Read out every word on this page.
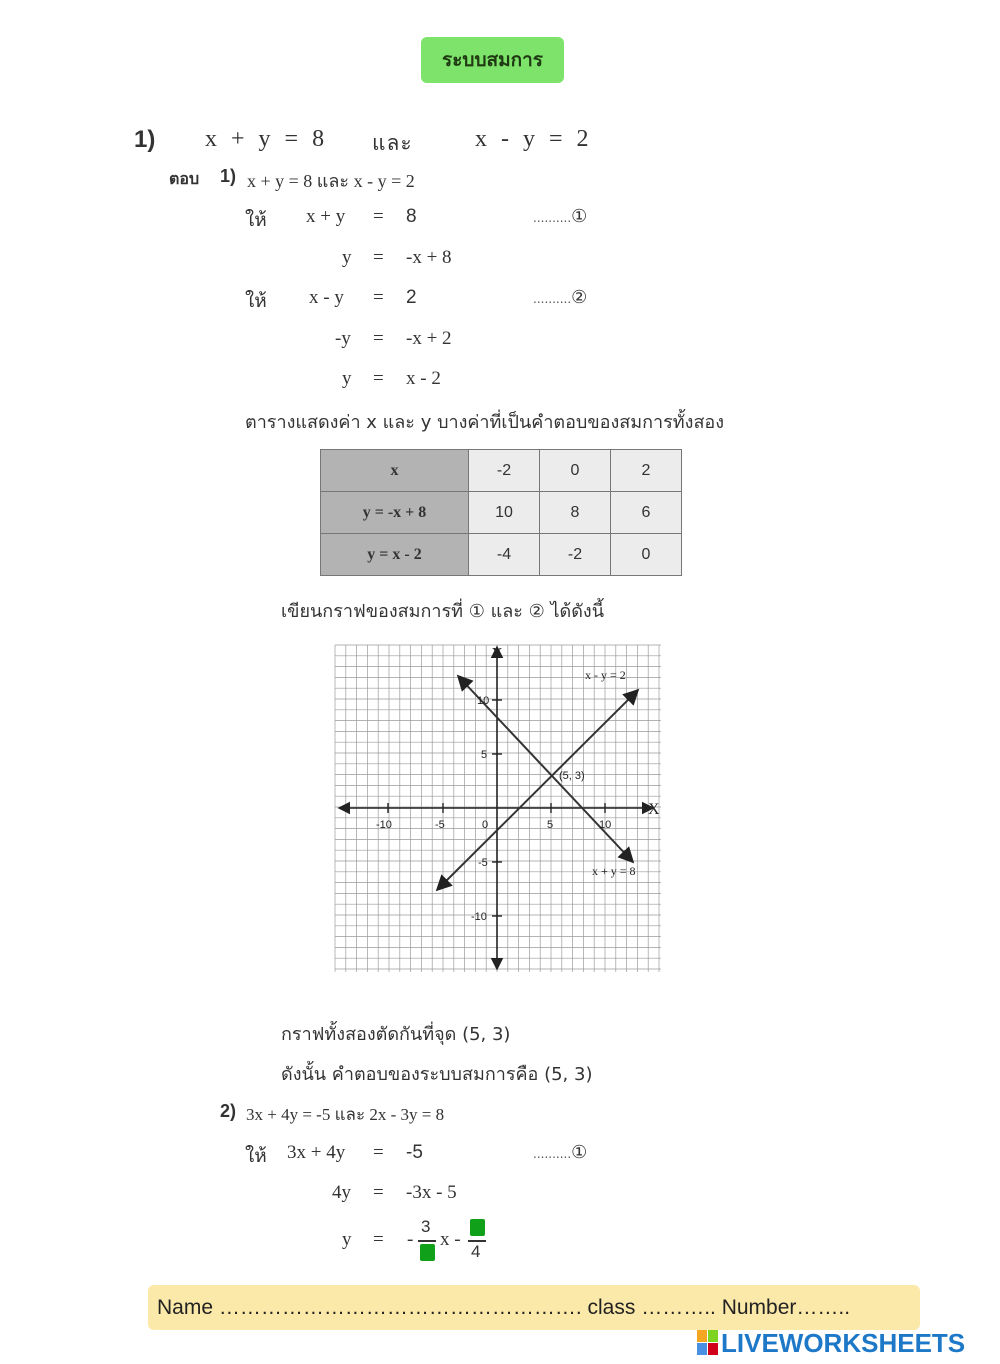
ระบบสมการ
1) x + y = 8 และ	x - y = 2
ตอบ 1) x + y = 8 และ x - y = 2
ให้ x + y = 8	..........①
y = -x + 8
ให้ x - y = 2	..........②
-y = -x + 2
y = x - 2
ตารางแสดงค่า x และ y บางค่าที่เป็นคำตอบของสมการทั้งสอง
x	-2	0	2
y = -x + 8	10	8	6
y = x - 2	-4	-2	0
เขียนกราฟของสมการที่ ① และ ② ได้ดังนี้
X
Y
x - y = 2
x + y = 8
(5, 3)
-10	-5	0	5	10
10
5
-5
-10
กราฟทั้งสองตัดกันที่จุด (5, 3)
ดังนั้น คำตอบของระบบสมการคือ (5, 3)
2) 3x + 4y = -5 และ 2x - 3y = 8
ให้ 3x + 4y = -5	..........①
4y = -3x - 5
y = -
3
x -
4
Name ……………………………………………. class ……….. Number……..
LIVEWORKSHEETS
